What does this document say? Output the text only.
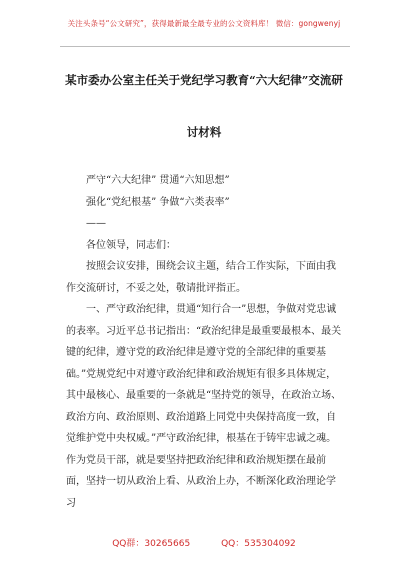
关注头条号“公文研究”，获得最新最全最专业的公文资料库！ 微信：gongwenyj
某市委办公室主任关于党纪学习教育“六大纪律”交流研
讨材料

严守“六大纪律” 贯通“六知思想”

强化“党纪根基” 争做“六类表率”

——

各位领导，同志们：

按照会议安排，围绕会议主题，结合工作实际，下面由我作交流研讨，不妥之处，敬请批评指正。

一、严守政治纪律，贯通“知行合一”思想，争做对党忠诚的表率。习近平总书记指出：“政治纪律是最重要最根本、最关键的纪律，遵守党的政治纪律是遵守党的全部纪律的重要基础。”党规党纪中对遵守政治纪律和政治规矩有很多具体规定，其中最核心、最重要的一条就是“坚持党的领导，在政治立场、政治方向、政治原则、政治道路上同党中央保持高度一致，自觉维护党中央权威。”严守政治纪律，根基在于铸牢忠诚之魂。作为党员干部，就是要坚持把政治纪律和政治规矩摆在最前面，坚持一切从政治上看、从政治上办，不断深化政治理论学习

QQ群：30265665	QQ：535304092
